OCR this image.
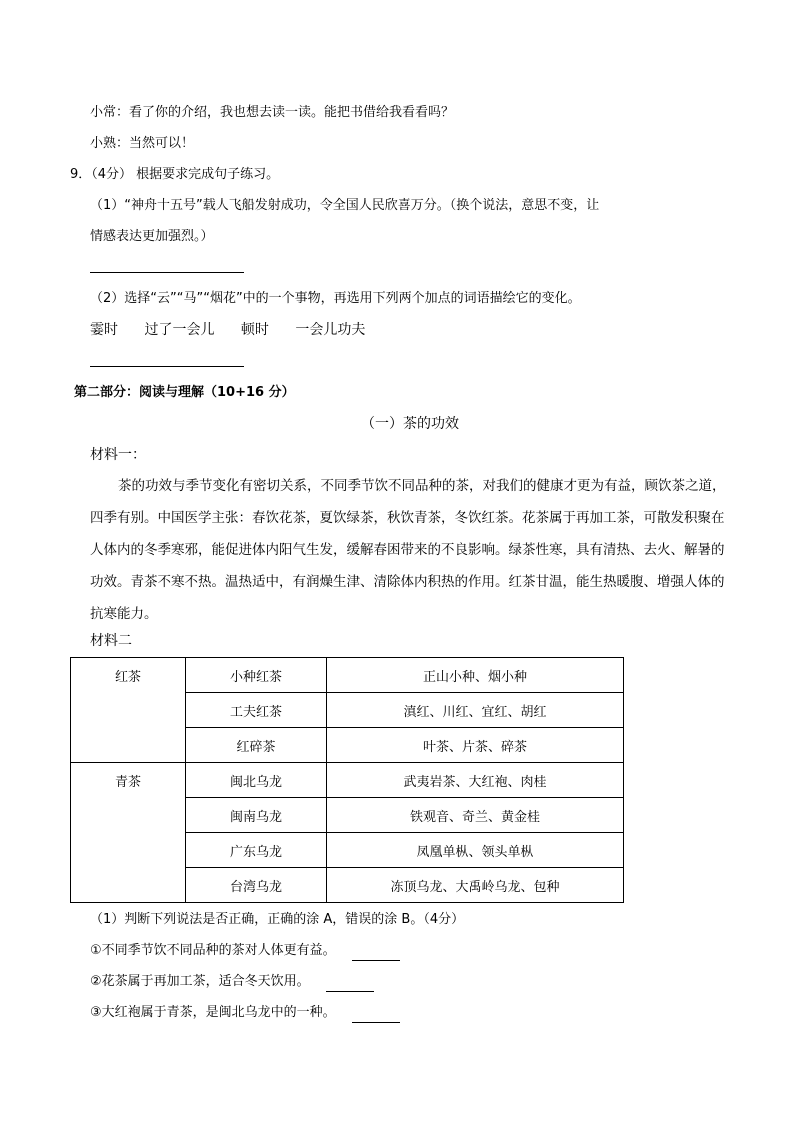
小常：看了你的介绍，我也想去读一读。能把书借给我看看吗？
小熟：当然可以！
9．（4分） 根据要求完成句子练习。
（1）“神舟十五号”载人飞船发射成功，令全国人民欣喜万分。（换个说法，意思不变，让
情感表达更加强烈。）
（2）选择“云”“马”“烟花”中的一个事物，再选用下列两个加点的词语描绘它的变化。
霎时 过了一会儿 顿时 一会儿功夫
第二部分：阅读与理解（10+16 分）
（一）茶的功效
材料一：
茶的功效与季节变化有密切关系，不同季节饮不同品种的茶，对我们的健康才更为有益，顾饮茶之道，四季有别。中国医学主张：春饮花茶，夏饮绿茶，秋饮青茶，冬饮红茶。花茶属于再加工茶，可散发积聚在人体内的冬季寒邪，能促进体内阳气生发，缓解春困带来的不良影响。绿茶性寒，具有清热、去火、解暑的功效。青茶不寒不热。温热适中，有润燥生津、清除体内积热的作用。红茶甘温，能生热暖腹、增强人体的抗寒能力。
材料二
红茶	小种红茶	正山小种、烟小种
	工夫红茶	滇红、川红、宜红、胡红
	红碎茶	叶茶、片茶、碎茶
青茶	闽北乌龙	武夷岩茶、大红袍、肉桂
	闽南乌龙	铁观音、奇兰、黄金桂
	广东乌龙	凤凰单枞、领头单枞
	台湾乌龙	冻顶乌龙、大禹岭乌龙、包种
（1）判断下列说法是否正确，正确的涂 A，错误的涂 B。（4分）
①不同季节饮不同品种的茶对人体更有益。
②花茶属于再加工茶，适合冬天饮用。
③大红袍属于青茶，是闽北乌龙中的一种。
